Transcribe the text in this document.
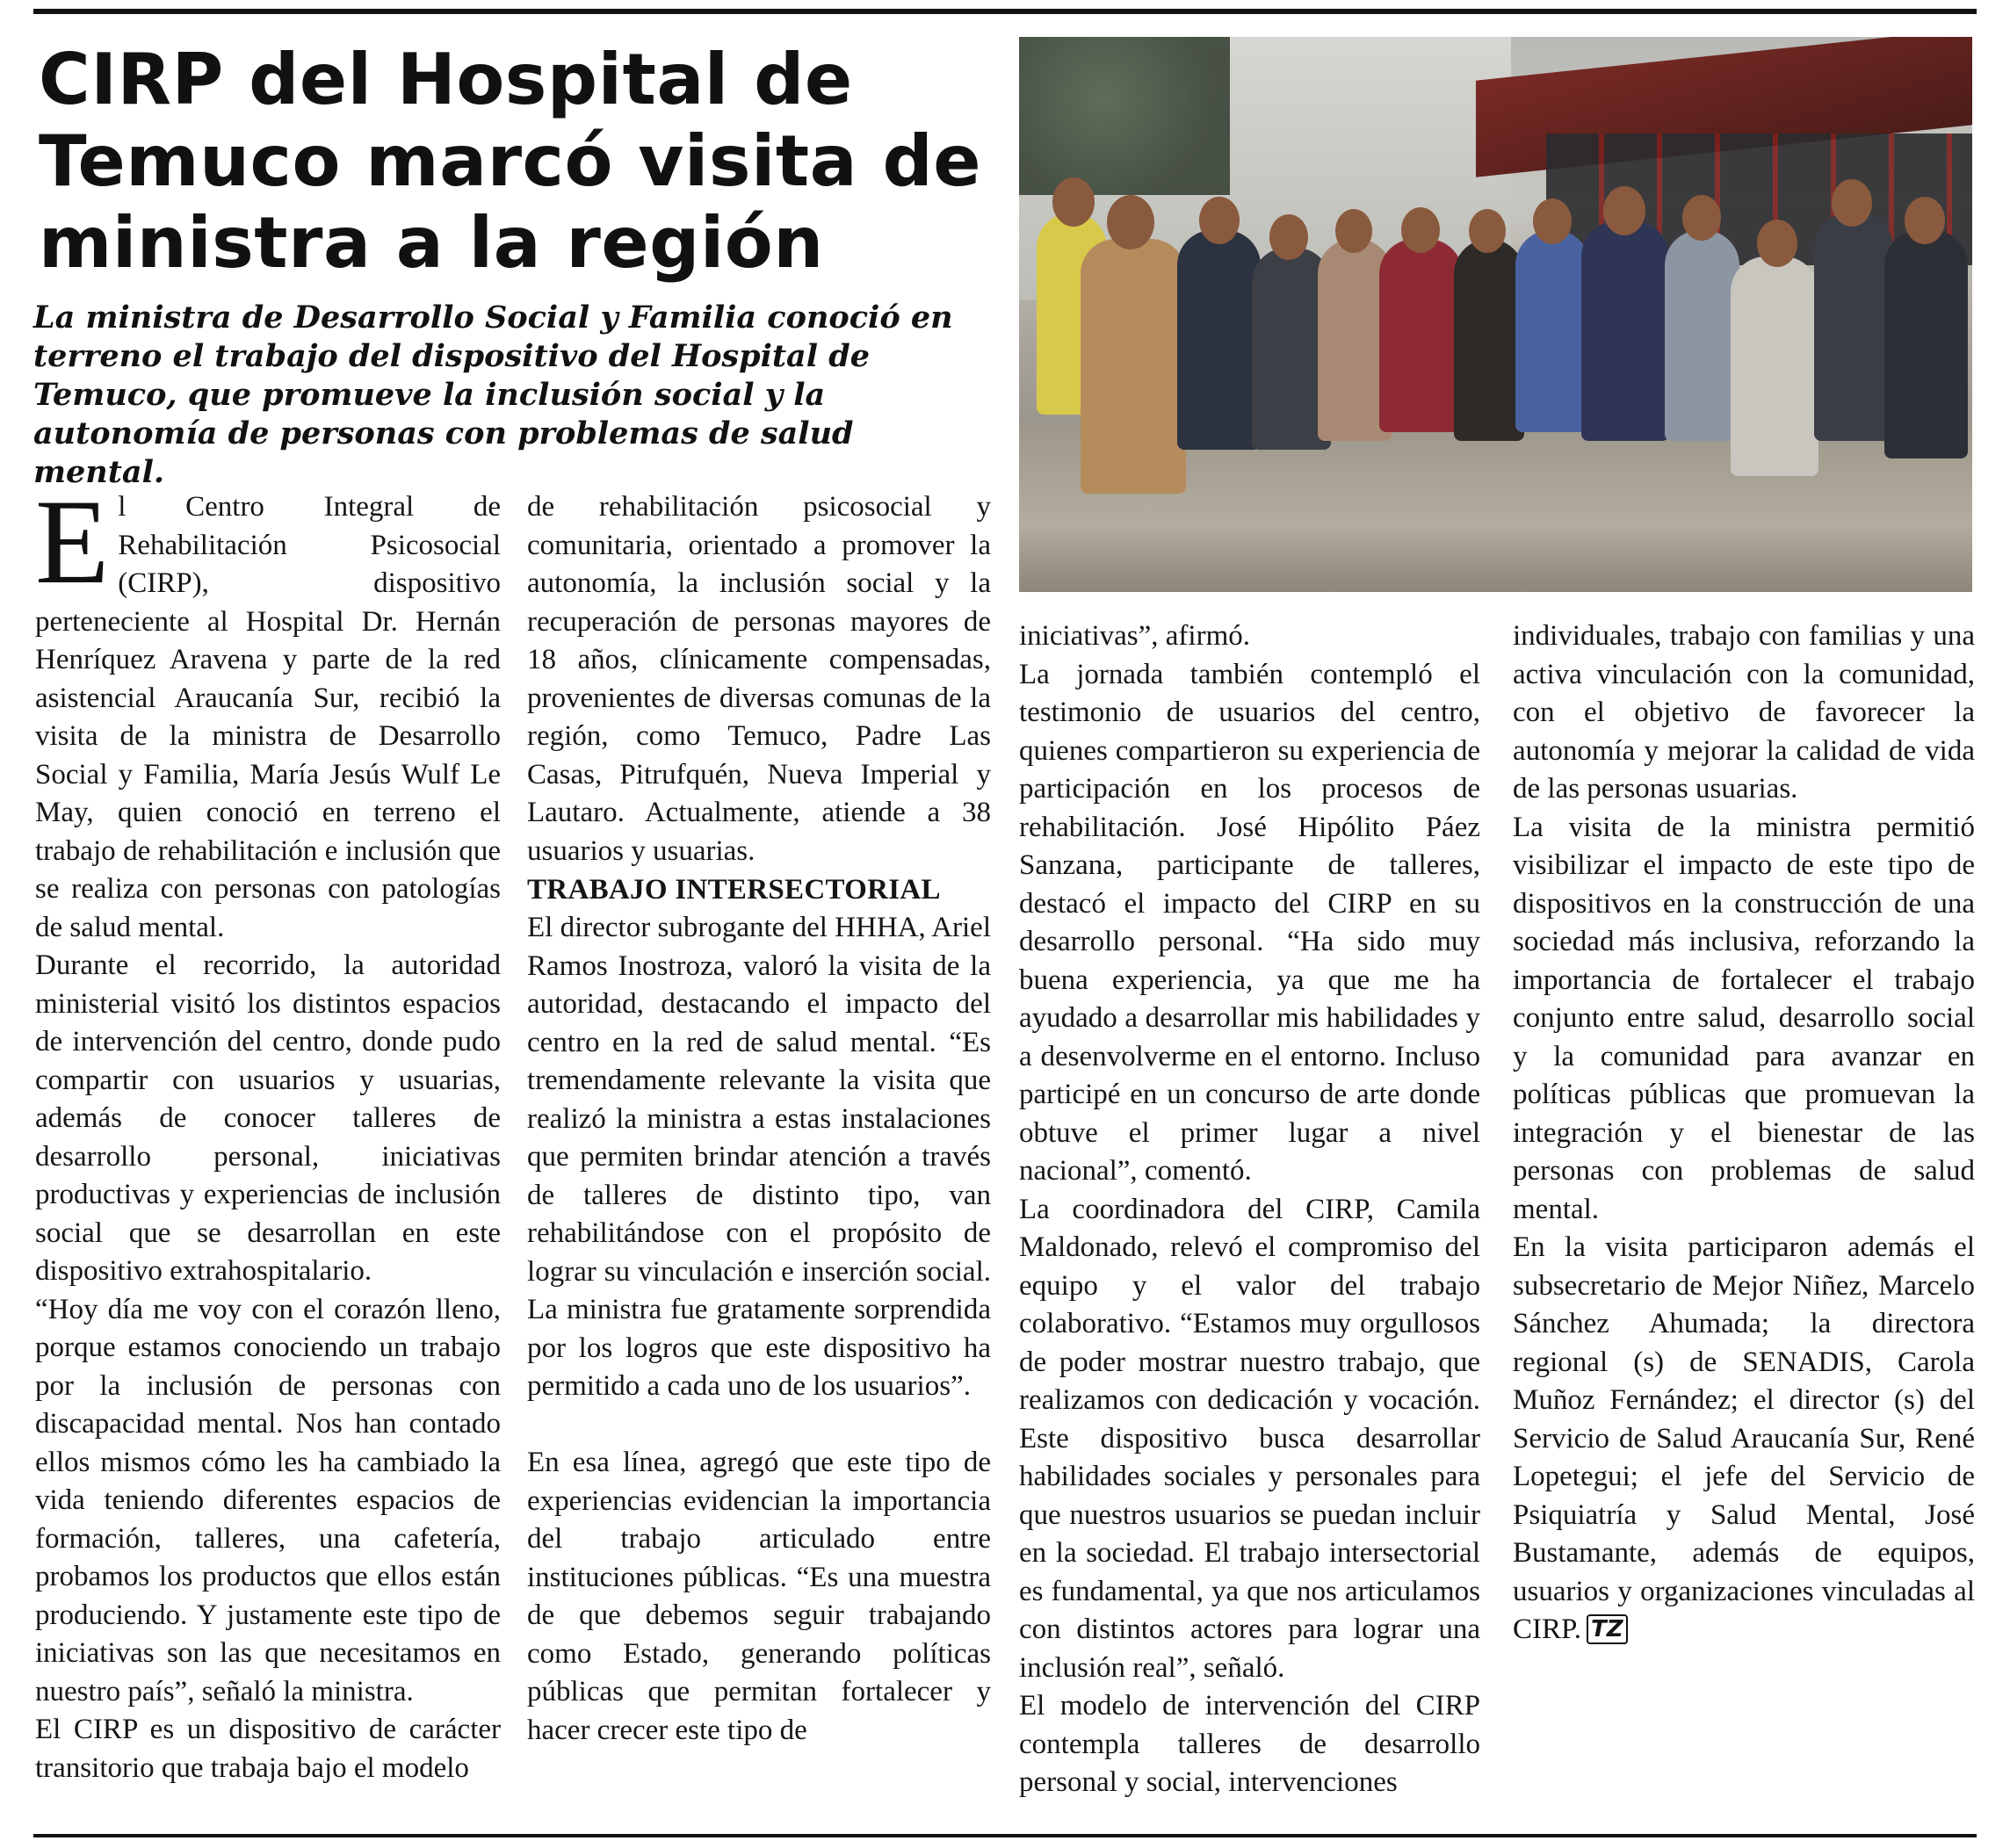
CIRP del Hospital de Temuco marcó visita de ministra a la región

La ministra de Desarrollo Social y Familia conoció en terreno el trabajo del dispositivo del Hospital de Temuco, que promueve la inclusión social y la autonomía de personas con problemas de salud mental.

E l Centro Integral de Rehabilitación Psicosocial (CIRP), dispositivo perteneciente al Hospital Dr. Hernán Henríquez Aravena y parte de la red asistencial Araucanía Sur, recibió la visita de la ministra de Desarrollo Social y Familia, María Jesús Wulf Le May, quien conoció en terreno el trabajo de rehabilitación e inclusión que se realiza con personas con patologías de salud mental.

Durante el recorrido, la autoridad ministerial visitó los distintos espacios de intervención del centro, donde pudo compartir con usuarios y usuarias, además de conocer talleres de desarrollo personal, iniciativas productivas y experiencias de inclusión social que se desarrollan en este dispositivo extrahospitalario.

“Hoy día me voy con el corazón lleno, porque estamos conociendo un trabajo por la inclusión de personas con discapacidad mental. Nos han contado ellos mismos cómo les ha cambiado la vida teniendo diferentes espacios de formación, talleres, una cafetería, probamos los productos que ellos están produciendo. Y justamente este tipo de iniciativas son las que necesitamos en nuestro país”, señaló la ministra.

El CIRP es un dispositivo de carácter transitorio que trabaja bajo el modelo

de rehabilitación psicosocial y comunitaria, orientado a promover la autonomía, la inclusión social y la recuperación de personas mayores de 18 años, clínicamente compensadas, provenientes de diversas comunas de la región, como Temuco, Padre Las Casas, Pitrufquén, Nueva Imperial y Lautaro. Actualmente, atiende a 38 usuarios y usuarias.

TRABAJO INTERSECTORIAL

El director subrogante del HHHA, Ariel Ramos Inostroza, valoró la visita de la autoridad, destacando el impacto del centro en la red de salud mental. “Es tremendamente relevante la visita que realizó la ministra a estas instalaciones que permiten brindar atención a través de talleres de distinto tipo, van rehabilitándose con el propósito de lograr su vinculación e inserción social. La ministra fue gratamente sorprendida por los logros que este dispositivo ha permitido a cada uno de los usuarios”.

En esa línea, agregó que este tipo de experiencias evidencian la importancia del trabajo articulado entre instituciones públicas. “Es una muestra de que debemos seguir trabajando como Estado, generando políticas públicas que permitan fortalecer y hacer crecer este tipo de

iniciativas”, afirmó.

La jornada también contempló el testimonio de usuarios del centro, quienes compartieron su experiencia de participación en los procesos de rehabilitación. José Hipólito Páez Sanzana, participante de talleres, destacó el impacto del CIRP en su desarrollo personal. “Ha sido muy buena experiencia, ya que me ha ayudado a desarrollar mis habilidades y a desenvolverme en el entorno. Incluso participé en un concurso de arte donde obtuve el primer lugar a nivel nacional”, comentó.

La coordinadora del CIRP, Camila Maldonado, relevó el compromiso del equipo y el valor del trabajo colaborativo. “Estamos muy orgullosos de poder mostrar nuestro trabajo, que realizamos con dedicación y vocación. Este dispositivo busca desarrollar habilidades sociales y personales para que nuestros usuarios se puedan incluir en la sociedad. El trabajo intersectorial es fundamental, ya que nos articulamos con distintos actores para lograr una inclusión real”, señaló.

El modelo de intervención del CIRP contempla talleres de desarrollo personal y social, intervenciones

individuales, trabajo con familias y una activa vinculación con la comunidad, con el objetivo de favorecer la autonomía y mejorar la calidad de vida de las personas usuarias.

La visita de la ministra permitió visibilizar el impacto de este tipo de dispositivos en la construcción de una sociedad más inclusiva, reforzando la importancia de fortalecer el trabajo conjunto entre salud, desarrollo social y la comunidad para avanzar en políticas públicas que promuevan la integración y el bienestar de las personas con problemas de salud mental.

En la visita participaron además el subsecretario de Mejor Niñez, Marcelo Sánchez Ahumada; la directora regional (s) de SENADIS, Carola Muñoz Fernández; el director (s) del Servicio de Salud Araucanía Sur, René Lopetegui; el jefe del Servicio de Psiquiatría y Salud Mental, José Bustamante, además de equipos, usuarios y organizaciones vinculadas al CIRP. TZ
